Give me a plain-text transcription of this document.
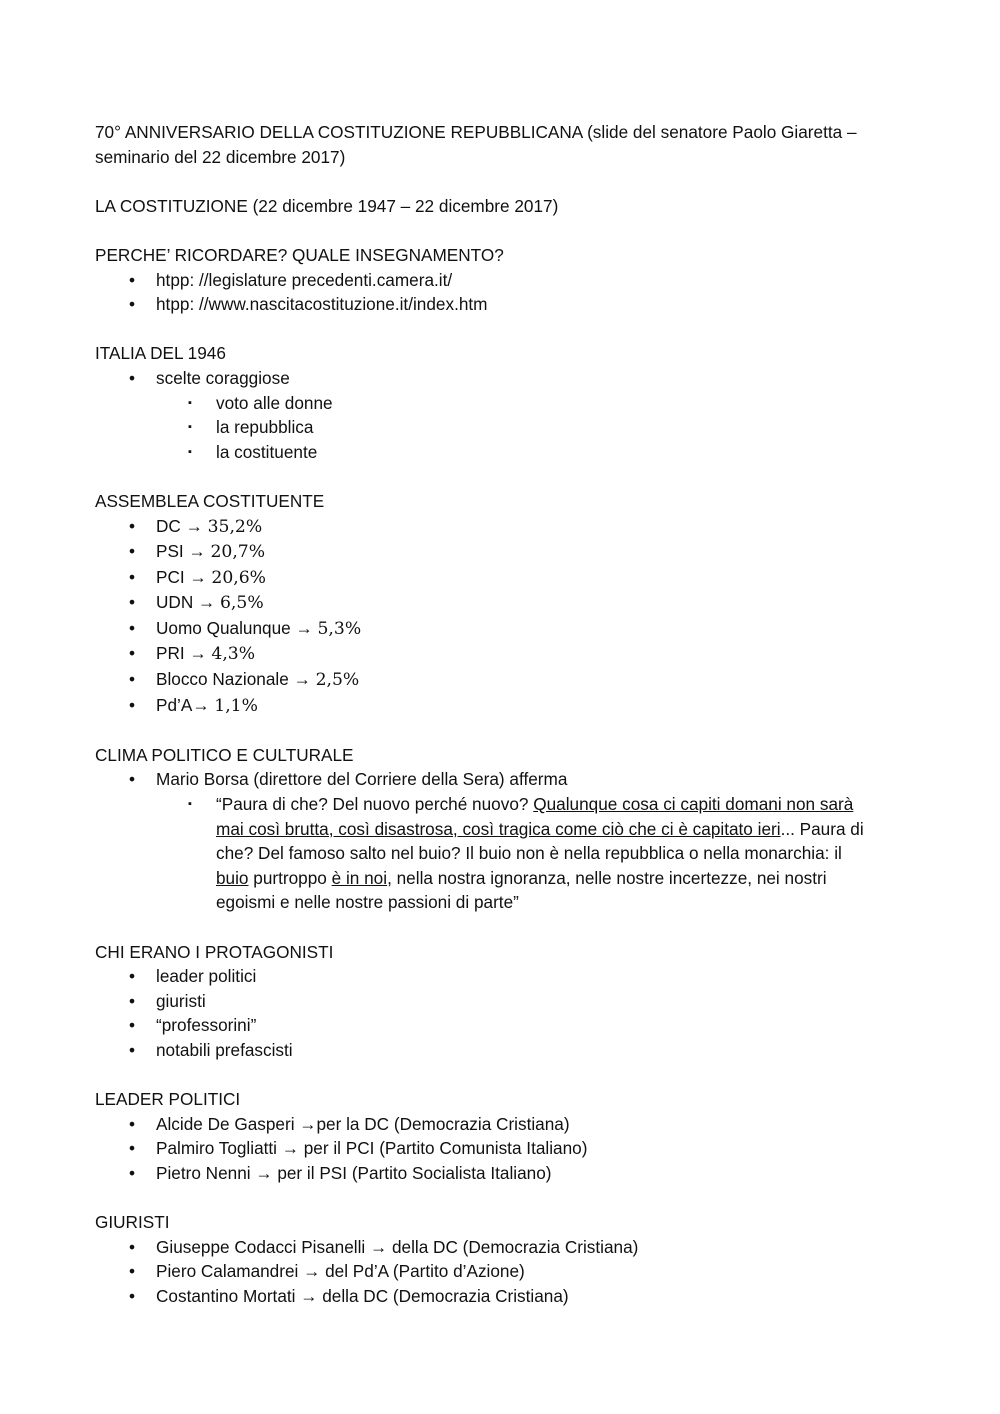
70° ANNIVERSARIO DELLA COSTITUZIONE REPUBBLICANA (slide del senatore Paolo Giaretta –
seminario del 22 dicembre 2017)

LA COSTITUZIONE (22 dicembre 1947 – 22 dicembre 2017)

PERCHE’ RICORDARE? QUALE INSEGNAMENTO?

• htpp: //legislature precedenti.camera.it/
• htpp: //www.nascitacostituzione.it/index.htm

ITALIA DEL 1946

• scelte coraggiose
▪ voto alle donne
▪ la repubblica
▪ la costituente

ASSEMBLEA COSTITUENTE

• DC → 35,2%
• PSI → 20,7%
• PCI → 20,6%
• UDN → 6,5%
• Uomo Qualunque → 5,3%
• PRI → 4,3%
• Blocco Nazionale → 2,5%
• Pd’A→ 1,1%

CLIMA POLITICO E CULTURALE

• Mario Borsa (direttore del Corriere della Sera) afferma
▪ “Paura di che? Del nuovo perché nuovo? Qualunque cosa ci capiti domani non sarà
mai così brutta, così disastrosa, così tragica come ciò che ci è capitato ieri... Paura di
che? Del famoso salto nel buio? Il buio non è nella repubblica o nella monarchia: il
buio purtroppo è in noi, nella nostra ignoranza, nelle nostre incertezze, nei nostri
egoismi e nelle nostre passioni di parte”

CHI ERANO I PROTAGONISTI

• leader politici
• giuristi
• “professorini”
• notabili prefascisti

LEADER POLITICI

• Alcide De Gasperi →per la DC (Democrazia Cristiana)
• Palmiro Togliatti → per il PCI (Partito Comunista Italiano)
• Pietro Nenni → per il PSI (Partito Socialista Italiano)

GIURISTI

• Giuseppe Codacci Pisanelli → della DC (Democrazia Cristiana)
• Piero Calamandrei → del Pd’A (Partito d’Azione)
• Costantino Mortati → della DC (Democrazia Cristiana)
